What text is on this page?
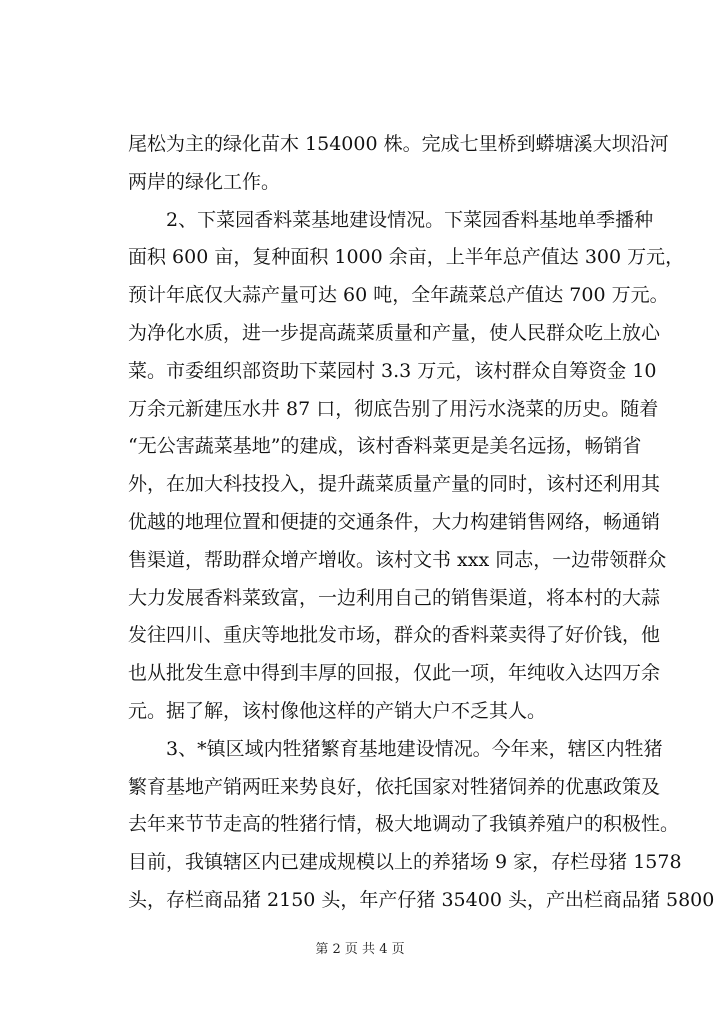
尾松为主的绿化苗木 154000 株。完成七里桥到蟒塘溪大坝沿河
两岸的绿化工作。
2、下菜园香料菜基地建设情况。下菜园香料基地单季播种
面积 600 亩，复种面积 1000 余亩，上半年总产值达 300 万元，
预计年底仅大蒜产量可达 60 吨，全年蔬菜总产值达 700 万元。
为净化水质，进一步提高蔬菜质量和产量，使人民群众吃上放心
菜。市委组织部资助下菜园村 3.3 万元，该村群众自筹资金 10
万余元新建压水井 87 口，彻底告别了用污水浇菜的历史。随着
“无公害蔬菜基地”的建成，该村香料菜更是美名远扬，畅销省
外，在加大科技投入，提升蔬菜质量产量的同时，该村还利用其
优越的地理位置和便捷的交通条件，大力构建销售网络，畅通销
售渠道，帮助群众增产增收。该村文书 xxx 同志，一边带领群众
大力发展香料菜致富，一边利用自己的销售渠道，将本村的大蒜
发往四川、重庆等地批发市场，群众的香料菜卖得了好价钱，他
也从批发生意中得到丰厚的回报，仅此一项，年纯收入达四万余
元。据了解，该村像他这样的产销大户不乏其人。
3、*镇区域内牲猪繁育基地建设情况。今年来，辖区内牲猪
繁育基地产销两旺来势良好，依托国家对牲猪饲养的优惠政策及
去年来节节走高的牲猪行情，极大地调动了我镇养殖户的积极性。
目前，我镇辖区内已建成规模以上的养猪场 9 家，存栏母猪 1578
头，存栏商品猪 2150 头，年产仔猪 35400 头，产出栏商品猪 5800
第 2 页 共 4 页
